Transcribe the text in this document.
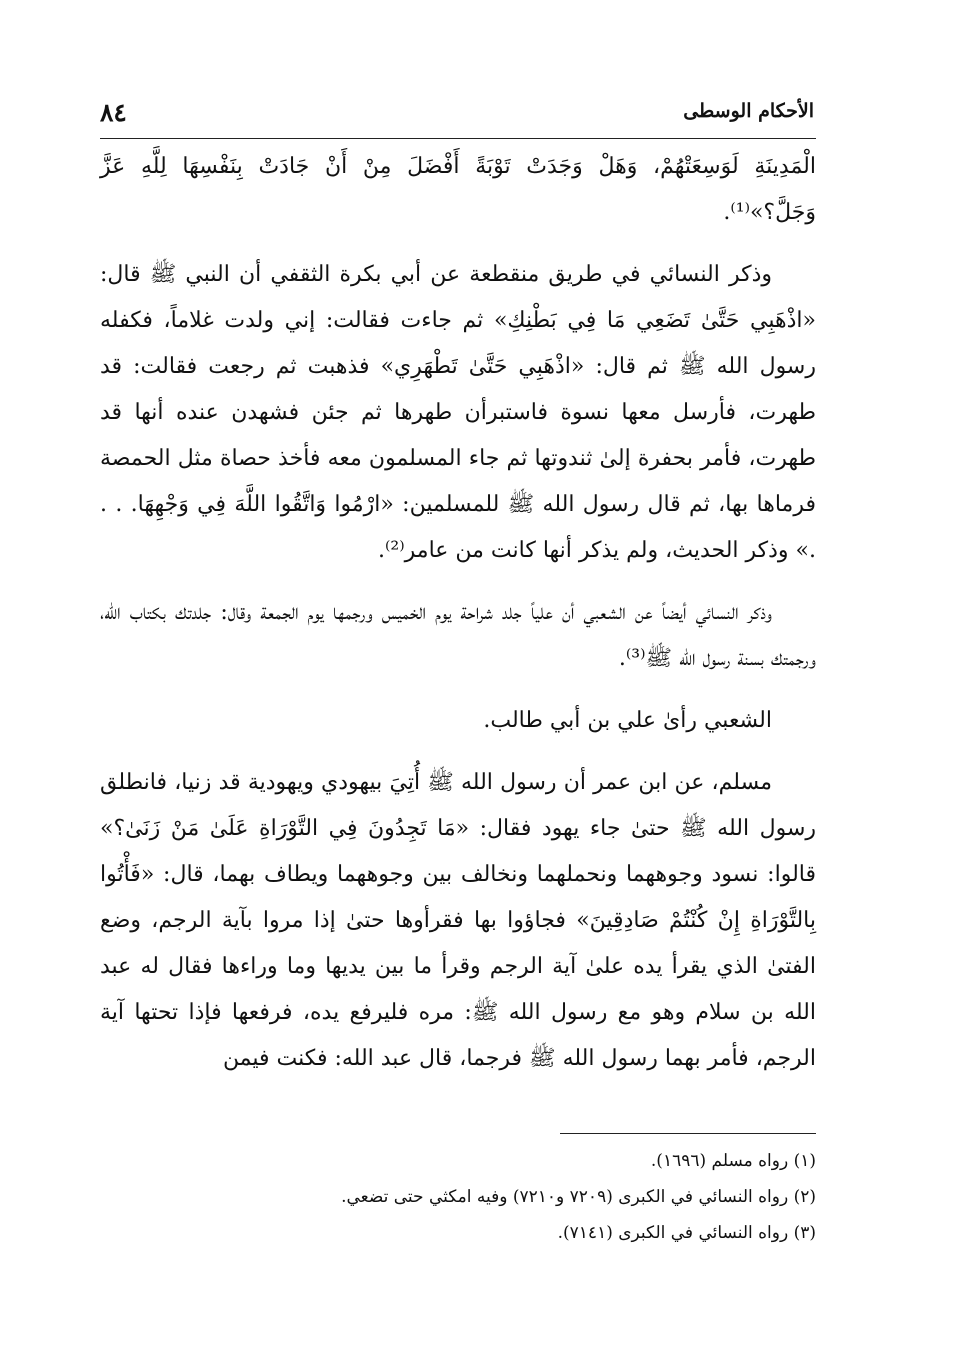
٨٤	الأحكام الوسطى

الْمَدِينَةِ لَوَسِعَتْهُمْ، وَهَلْ وَجَدَتْ تَوْبَةً أَفْضَلَ مِنْ أَنْ جَادَتْ بِنَفْسِهَا لِلَّهِ عَزَّ وَجَلَّ؟»⁽¹⁾.

وذكر النسائي في طريق منقطعة عن أبي بكرة الثقفي أن النبي ﷺ قال: «اذْهَبِي حَتَّىٰ تَضَعِي مَا فِي بَطْنِكِ» ثم جاءت فقالت: إني ولدت غلاماً، فكفله رسول الله ﷺ ثم قال: «اذْهَبِي حَتَّىٰ تَطْهَرِي» فذهبت ثم رجعت فقالت: قد طهرت، فأرسل معها نسوة فاستبرأن طهرها ثم جئن فشهدن عنده أنها قد طهرت، فأمر بحفرة إلىٰ ثندوتها ثم جاء المسلمون معه فأخذ حصاة مثل الحمصة فرماها بها، ثم قال رسول الله ﷺ للمسلمين: «ارْمُوا وَاتَّقُوا اللَّهَ فِي وَجْهِهَا. . . .» وذكر الحديث، ولم يذكر أنها كانت من عامر⁽²⁾.

وذكر النسائي أيضاً عن الشعبي أن علياً جلد شراحة يوم الخميس ورجمها يوم الجمعة وقال: جلدتك بكتاب الله، ورجمتك بسنة رسول الله ﷺ⁽³⁾.

الشعبي رأىٰ علي بن أبي طالب.

مسلم، عن ابن عمر أن رسول الله ﷺ أُتِيَ بيهودي ويهودية قد زنيا، فانطلق رسول الله ﷺ حتىٰ جاء يهود فقال: «مَا تَجِدُونَ فِي التَّوْرَاةِ عَلَىٰ مَنْ زَنَىٰ؟» قالوا: نسود وجوههما ونحملهما ونخالف بين وجوههما ويطاف بهما، قال: «فَأْتُوا بِالتَّوْرَاةِ إِنْ كُنْتُمْ صَادِقِينَ» فجاؤوا بها فقرأوها حتىٰ إذا مروا بآية الرجم، وضع الفتىٰ الذي يقرأ يده علىٰ آية الرجم وقرأ ما بين يديها وما وراءها فقال له عبد الله بن سلام وهو مع رسول الله ﷺ: مره فليرفع يده، فرفعها فإذا تحتها آية الرجم، فأمر بهما رسول الله ﷺ فرجما، قال عبد الله: فكنت فيمن

(١) رواه مسلم (١٦٩٦).
(٢) رواه النسائي في الكبرى (٧٢٠٩ و٧٢١٠) وفيه امكثي حتى تضعي.
(٣) رواه النسائي في الكبرى (٧١٤١).
